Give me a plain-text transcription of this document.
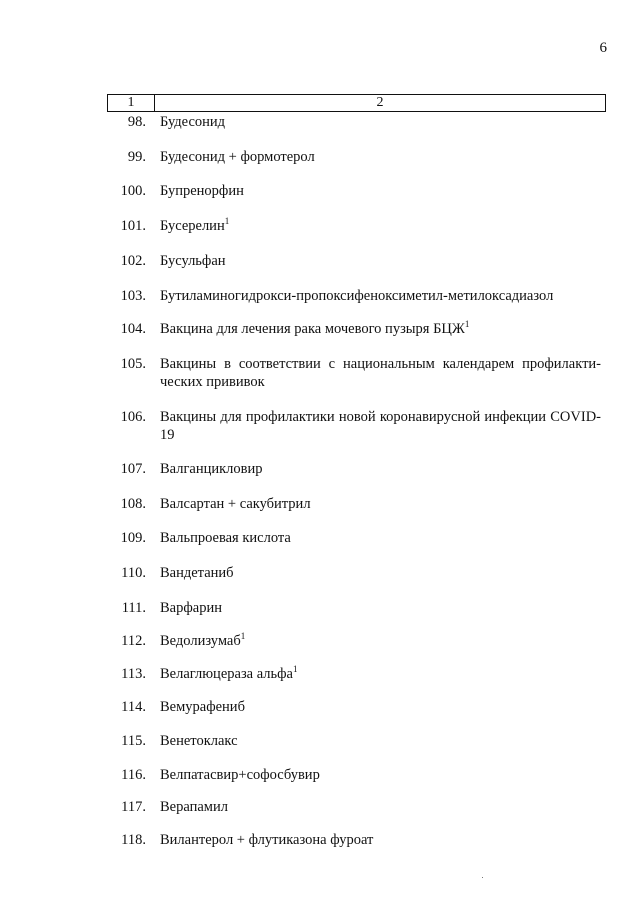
6
1	2
98. Будесонид
99. Будесонид + формотерол
100. Бупренорфин
101. Бусерелин$^1$
102. Бусульфан
103. Бутиламиногидрокси-пропоксифеноксиметил-метилоксадиазол
104. Вакцина для лечения рака мочевого пузыря БЦЖ$^1$
105. Вакцины в соответствии с национальным календарем профилакти-ческих прививок
106. Вакцины для профилактики новой коронавирусной инфекции COVID-19
107. Валганцикловир
108. Валсартан + сакубитрил
109. Вальпроевая кислота
110. Вандетаниб
111. Варфарин
112. Ведолизумаб$^1$
113. Велаглюцераза альфа$^1$
114. Вемурафениб
115. Венетоклакс
116. Велпатасвир+софосбувир
117. Верапамил
118. Вилантерол + флутиказона фуроат
